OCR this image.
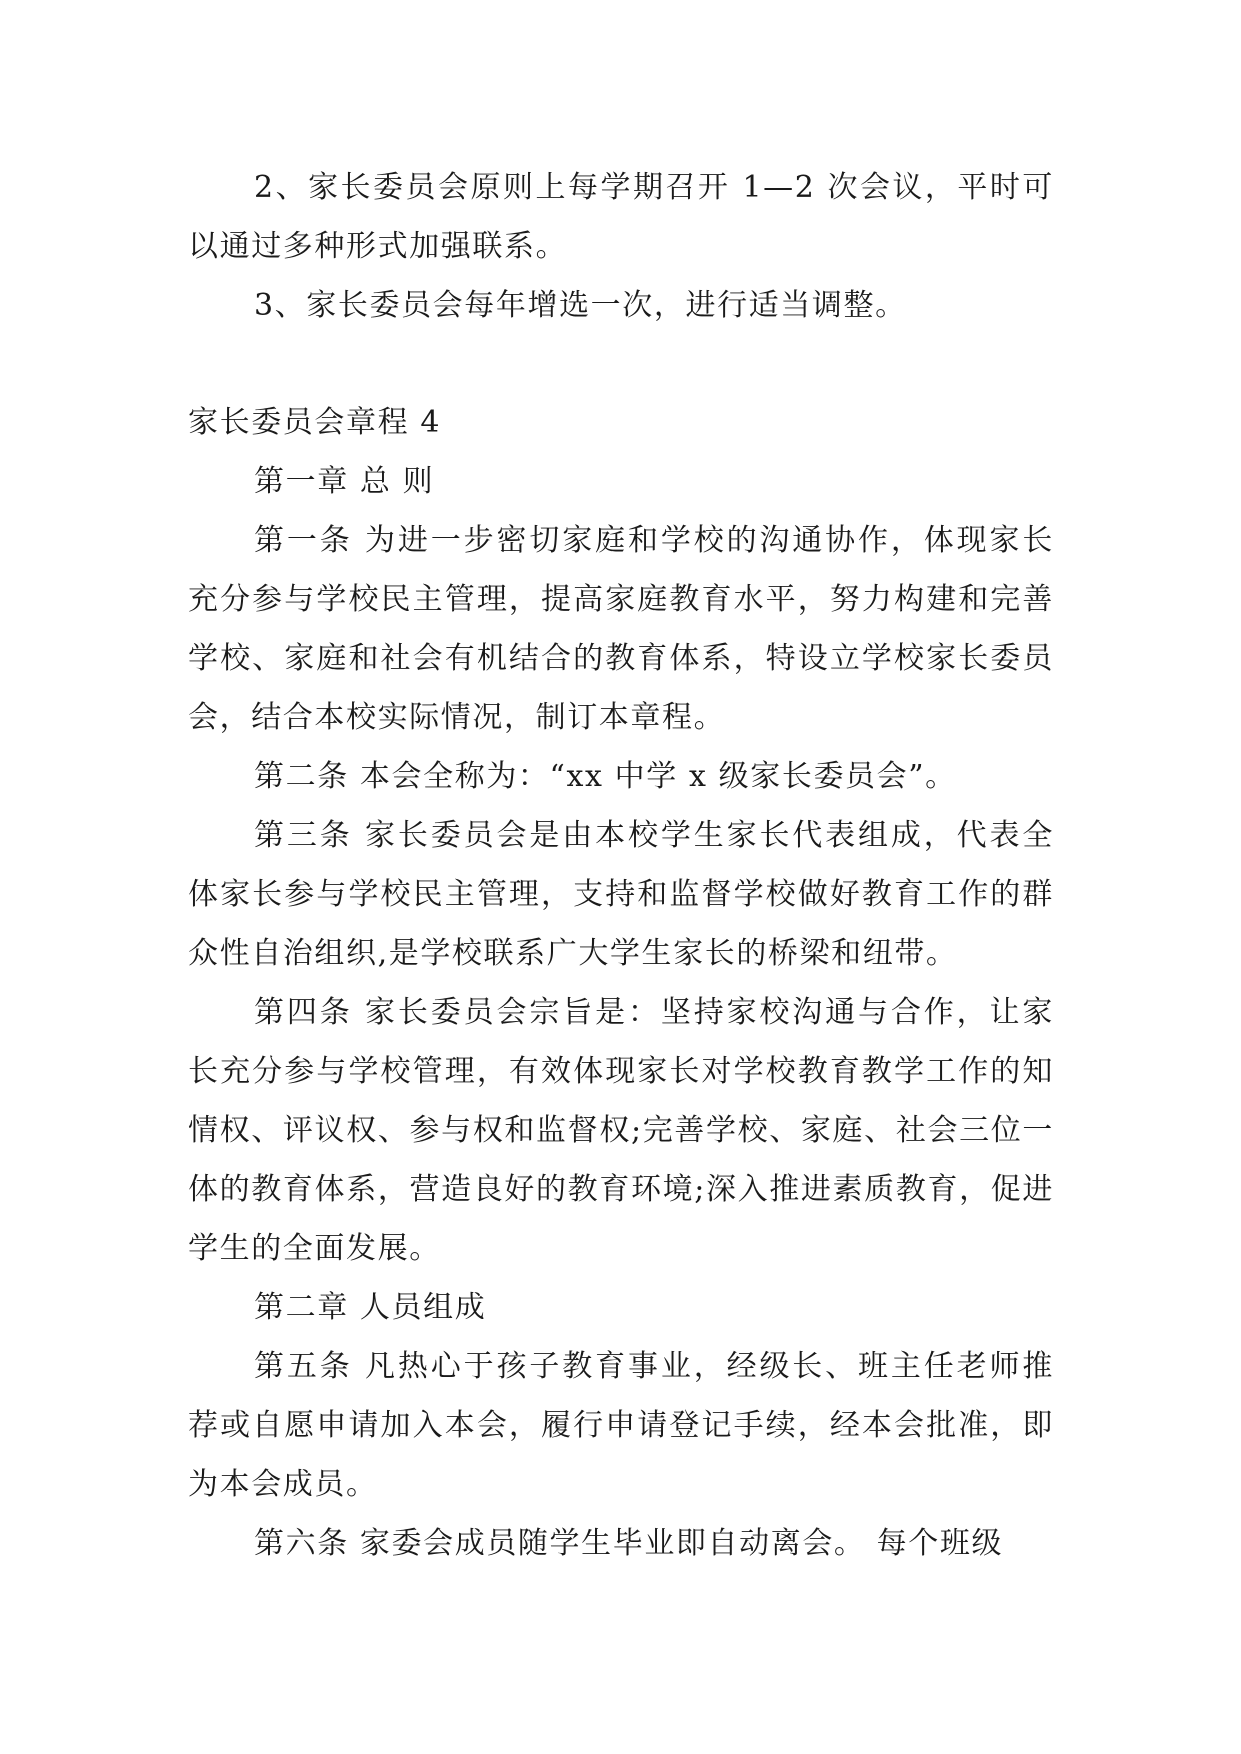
2、家长委员会原则上每学期召开 1—2 次会议，平时可以通过多种形式加强联系。

3、家长委员会每年增选一次，进行适当调整。

家长委员会章程 4

第一章 总 则

第一条 为进一步密切家庭和学校的沟通协作，体现家长充分参与学校民主管理，提高家庭教育水平，努力构建和完善学校、家庭和社会有机结合的教育体系，特设立学校家长委员会，结合本校实际情况，制订本章程。

第二条 本会全称为：“xx 中学 x 级家长委员会”。

第三条 家长委员会是由本校学生家长代表组成，代表全体家长参与学校民主管理，支持和监督学校做好教育工作的群众性自治组织,是学校联系广大学生家长的桥梁和纽带。

第四条 家长委员会宗旨是：坚持家校沟通与合作，让家长充分参与学校管理，有效体现家长对学校教育教学工作的知情权、评议权、参与权和监督权;完善学校、家庭、社会三位一体的教育体系，营造良好的教育环境;深入推进素质教育，促进学生的全面发展。

第二章 人员组成

第五条 凡热心于孩子教育事业，经级长、班主任老师推荐或自愿申请加入本会，履行申请登记手续，经本会批准，即为本会成员。

第六条 家委会成员随学生毕业即自动离会。 每个班级
